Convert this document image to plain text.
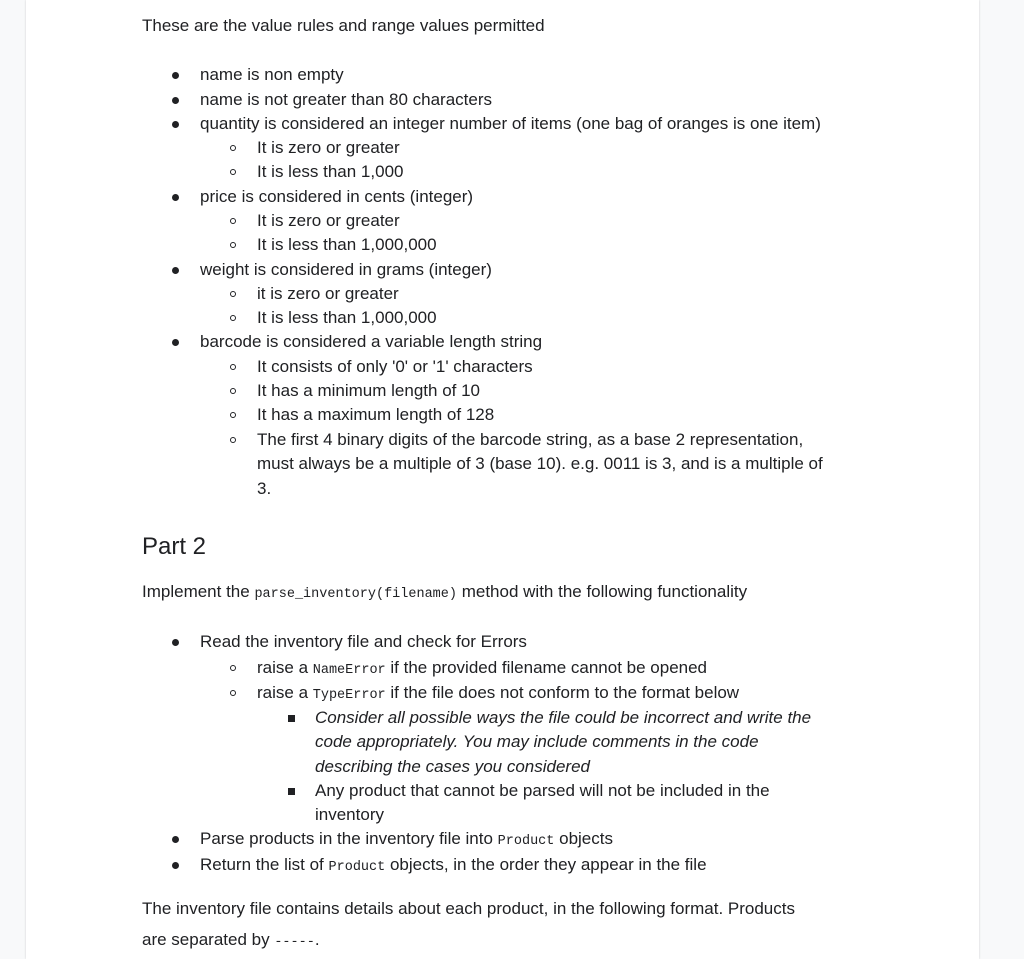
These are the value rules and range values permitted
name is non empty
name is not greater than 80 characters
quantity is considered an integer number of items (one bag of oranges is one item)
It is zero or greater
It is less than 1,000
price is considered in cents (integer)
It is zero or greater
It is less than 1,000,000
weight is considered in grams (integer)
it is zero or greater
It is less than 1,000,000
barcode is considered a variable length string
It consists of only '0' or '1' characters
It has a minimum length of 10
It has a maximum length of 128
The first 4 binary digits of the barcode string, as a base 2 representation,
must always be a multiple of 3 (base 10). e.g. 0011 is 3, and is a multiple of
3.
Part 2
Implement the parse_inventory(filename) method with the following functionality
Read the inventory file and check for Errors
raise a NameError if the provided filename cannot be opened
raise a TypeError if the file does not conform to the format below
Consider all possible ways the file could be incorrect and write the
code appropriately. You may include comments in the code
describing the cases you considered
Any product that cannot be parsed will not be included in the
inventory
Parse products in the inventory file into Product objects
Return the list of Product objects, in the order they appear in the file
The inventory file contains details about each product, in the following format. Products
are separated by -----.
